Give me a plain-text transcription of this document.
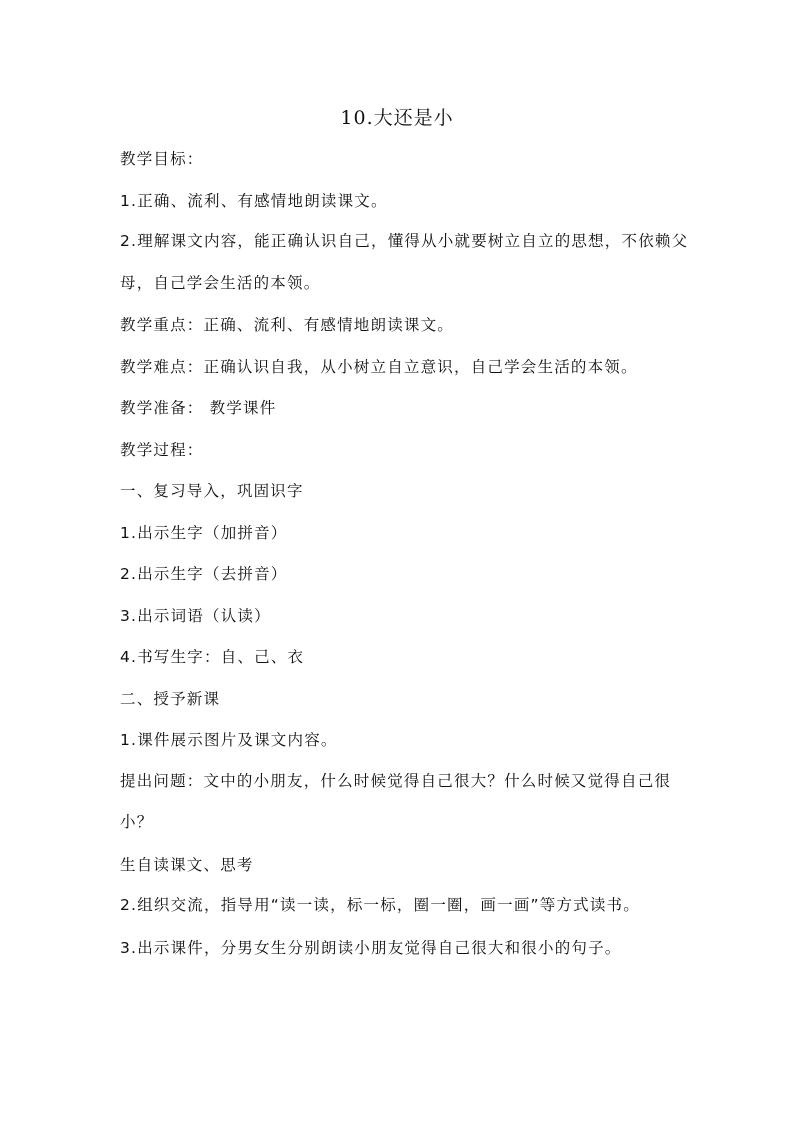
10.大还是小
教学目标：
1.正确、流利、有感情地朗读课文。
2.理解课文内容，能正确认识自己，懂得从小就要树立自立的思想，不依赖父母，自己学会生活的本领。
教学重点：正确、流利、有感情地朗读课文。
教学难点：正确认识自我，从小树立自立意识，自己学会生活的本领。
教学准备： 教学课件
教学过程：
一、复习导入，巩固识字
1.出示生字（加拼音）
2.出示生字（去拼音）
3.出示词语（认读）
4.书写生字：自、己、衣
二、授予新课
1.课件展示图片及课文内容。
提出问题：文中的小朋友，什么时候觉得自己很大？什么时候又觉得自己很小？
生自读课文、思考
2.组织交流，指导用“读一读，标一标，圈一圈，画一画”等方式读书。
3.出示课件，分男女生分别朗读小朋友觉得自己很大和很小的句子。
